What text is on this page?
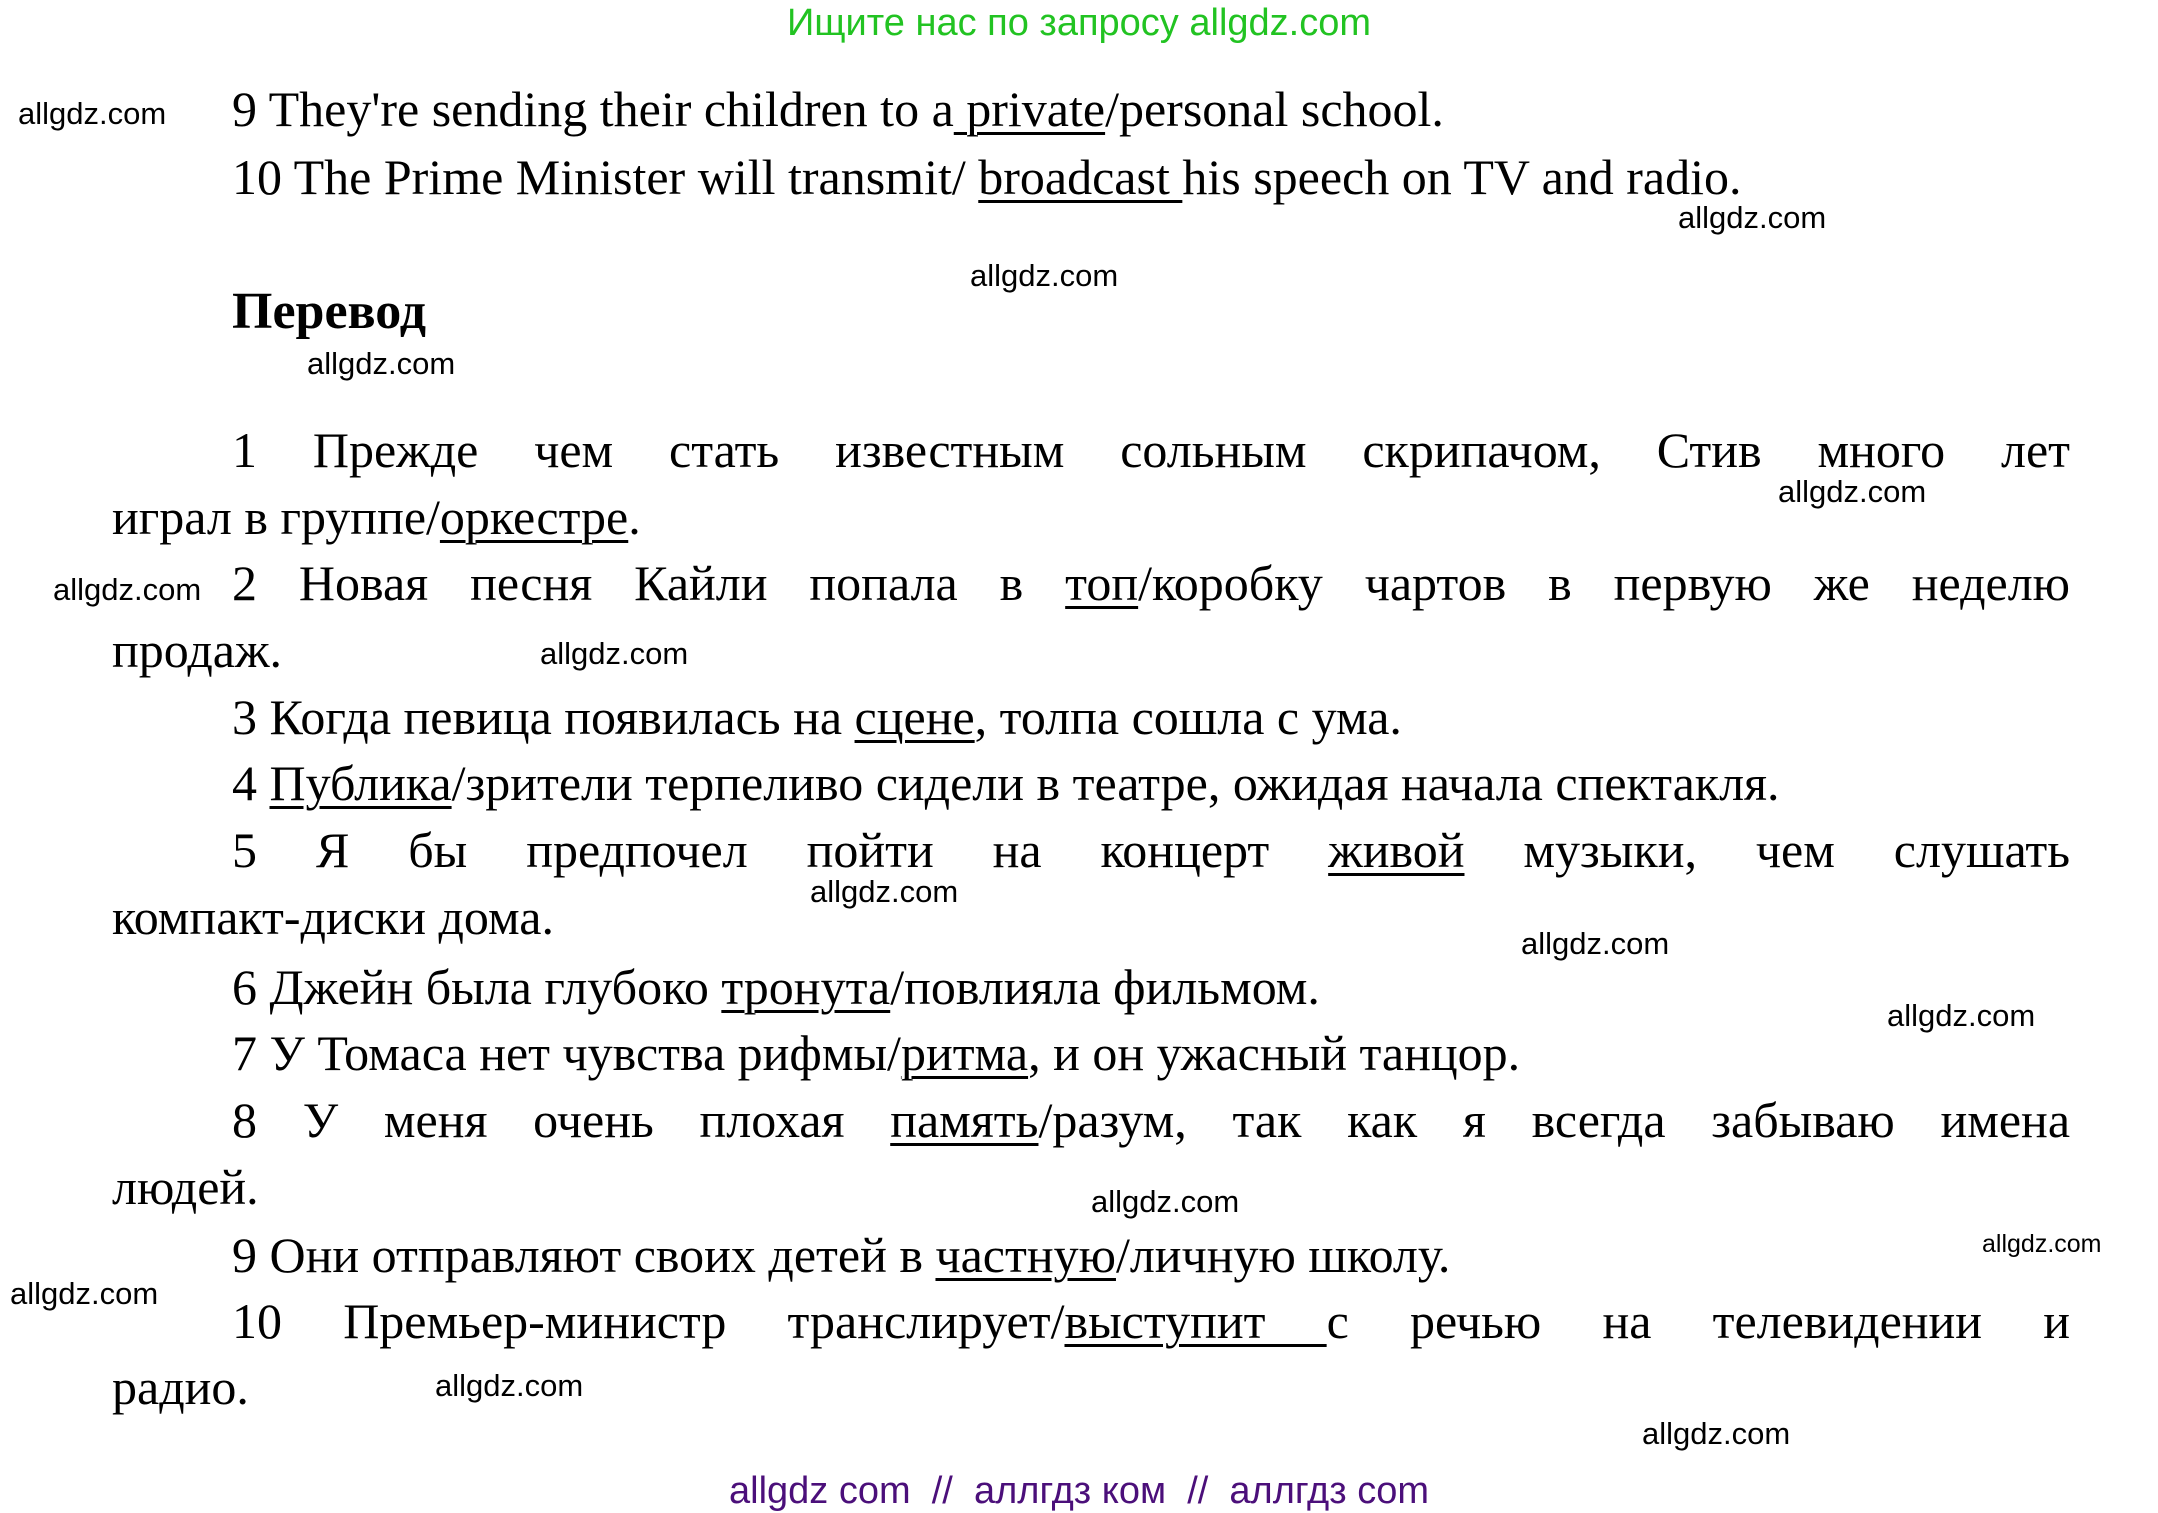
Ищите нас по запросу allgdz.com
9 They're sending their children to a private/personal school.
10 The Prime Minister will transmit/ broadcast his speech on TV and radio.
Перевод
1 Прежде чем стать известным сольным скрипачом, Стив много лет
играл в группе/оркестре.
2 Новая песня Кайли попала в топ/коробку чартов в первую же неделю
продаж.
3 Когда певица появилась на сцене, толпа сошла с ума.
4 Публика/зрители терпеливо сидели в театре, ожидая начала спектакля.
5 Я бы предпочел пойти на концерт живой музыки, чем слушать
компакт-диски дома.
6 Джейн была глубоко тронута/повлияла фильмом.
7 У Томаса нет чувства рифмы/ритма, и он ужасный танцор.
8 У меня очень плохая память/разум, так как я всегда забываю имена
людей.
9 Они отправляют своих детей в частную/личную школу.
10 Премьер-министр транслирует/выступит с речью на телевидении и
радио.
allgdz.com
allgdz.com
allgdz.com
allgdz.com
allgdz.com
allgdz.com
allgdz.com
allgdz.com
allgdz.com
allgdz.com
allgdz.com
allgdz.com
allgdz.com
allgdz.com
allgdz.com
allgdz com  //  аллгдз ком  //  аллгдз com
